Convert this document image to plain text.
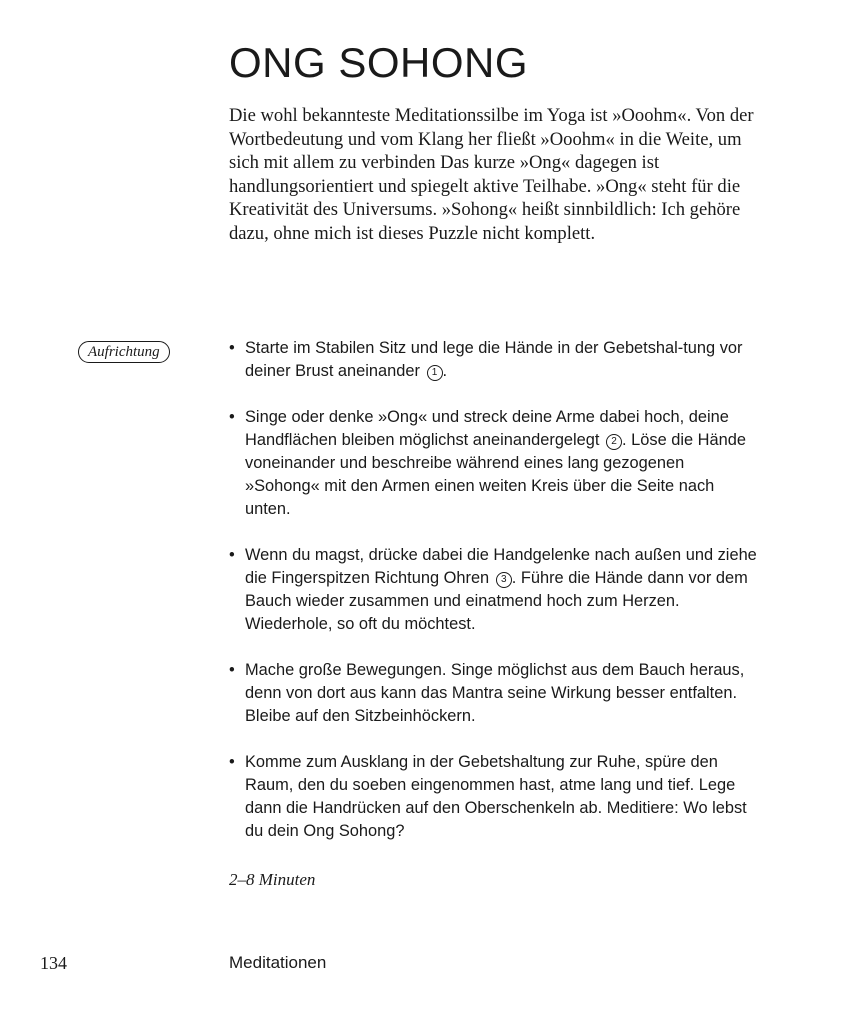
ONG SOHONG

Die wohl bekannteste Meditationssilbe im Yoga ist »Ooohm«. Von der Wortbedeutung und vom Klang her fließt »Ooohm« in die Weite, um sich mit allem zu verbinden Das kurze »Ong« dagegen ist handlungsorientiert und spiegelt aktive Teilhabe. »Ong« steht für die Kreativität des Universums. »Sohong« heißt sinnbildlich: Ich gehöre dazu, ohne mich ist dieses Puzzle nicht komplett.

Aufrichtung
•	Starte im Stabilen Sitz und lege die Hände in der Gebetshal-tung vor deiner Brust aneinander 1 .
• Singe oder denke »Ong« und streck deine Arme dabei hoch, deine Handflächen bleiben möglichst aneinandergelegt 2 . Löse die Hände voneinander und beschreibe während eines lang gezogenen »Sohong« mit den Armen einen weiten Kreis über die Seite nach unten.
• Wenn du magst, drücke dabei die Handgelenke nach außen und ziehe die Fingerspitzen Richtung Ohren 3 . Führe die Hände dann vor dem Bauch wieder zusammen und einatmend hoch zum Herzen. Wiederhole, so oft du möchtest.
• Mache große Bewegungen. Singe möglichst aus dem Bauch heraus, denn von dort aus kann das Mantra seine Wirkung besser entfalten. Bleibe auf den Sitzbeinhöckern.
• Komme zum Ausklang in der Gebetshaltung zur Ruhe, spüre den Raum, den du soeben eingenommen hast, atme lang und tief. Lege dann die Handrücken auf den Oberschenkeln ab. Meditiere: Wo lebst du dein Ong Sohong?
2–8 Minuten
134	Meditationen
